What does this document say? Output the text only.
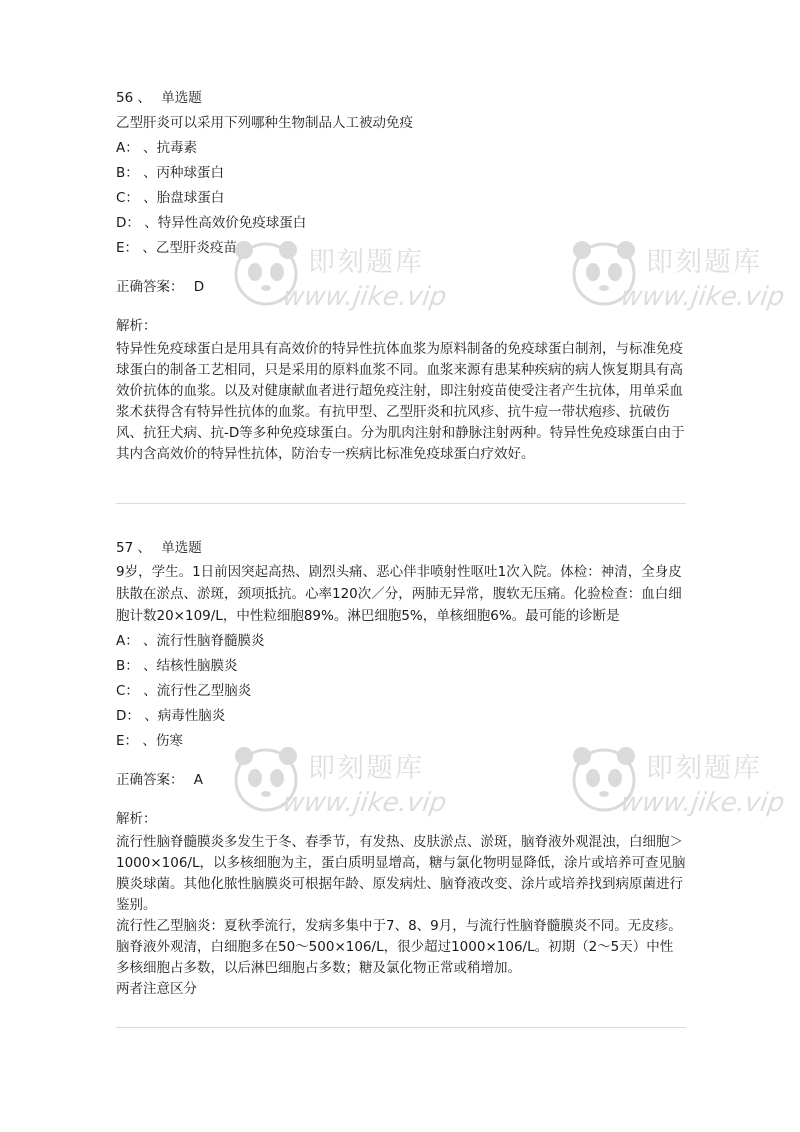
即刻题库
www.jike.vip
即刻题库
www.jike.vip
即刻题库
www.jike.vip
即刻题库
www.jike.vip
56 、 单选题
乙型肝炎可以采用下列哪种生物制品人工被动免疫
A： 、抗毒素
B： 、丙种球蛋白
C： 、胎盘球蛋白
D： 、特异性高效价免疫球蛋白
E： 、乙型肝炎疫苗
正确答案： D
解析：
特异性免疫球蛋白是用具有高效价的特异性抗体血浆为原料制备的免疫球蛋白制剂，与标准免疫球蛋白的制备工艺相同，只是采用的原料血浆不同。血浆来源有患某种疾病的病人恢复期具有高效价抗体的血浆。以及对健康献血者进行超免疫注射，即注射疫苗使受注者产生抗体，用单采血浆术获得含有特异性抗体的血浆。有抗甲型、乙型肝炎和抗风疹、抗牛痘一带状疱疹、抗破伤风、抗狂犬病、抗-D等多种免疫球蛋白。分为肌肉注射和静脉注射两种。特异性免疫球蛋白由于其内含高效价的特异性抗体，防治专一疾病比标准免疫球蛋白疗效好。
57 、 单选题
9岁，学生。1日前因突起高热、剧烈头痛、恶心伴非喷射性呕吐1次入院。体检：神清，全身皮肤散在淤点、淤斑，颈项抵抗。心率120次／分，两肺无异常，腹软无压痛。化验检查：血白细胞计数20×109/L，中性粒细胞89%。淋巴细胞5%，单核细胞6%。最可能的诊断是
A： 、流行性脑脊髓膜炎
B： 、结核性脑膜炎
C： 、流行性乙型脑炎
D： 、病毒性脑炎
E： 、伤寒
正确答案： A
解析：
流行性脑脊髓膜炎多发生于冬、春季节，有发热、皮肤淤点、淤斑，脑脊液外观混浊，白细胞＞1000×106/L，以多核细胞为主，蛋白质明显增高，糖与氯化物明显降低，涂片或培养可查见脑膜炎球菌。其他化脓性脑膜炎可根据年龄、原发病灶、脑脊液改变、涂片或培养找到病原菌进行鉴别。
流行性乙型脑炎：夏秋季流行，发病多集中于7、8、9月，与流行性脑脊髓膜炎不同。无皮疹。脑脊液外观清，白细胞多在50～500×106/L，很少超过1000×106/L。初期（2～5天）中性多核细胞占多数，以后淋巴细胞占多数；糖及氯化物正常或稍增加。
两者注意区分
